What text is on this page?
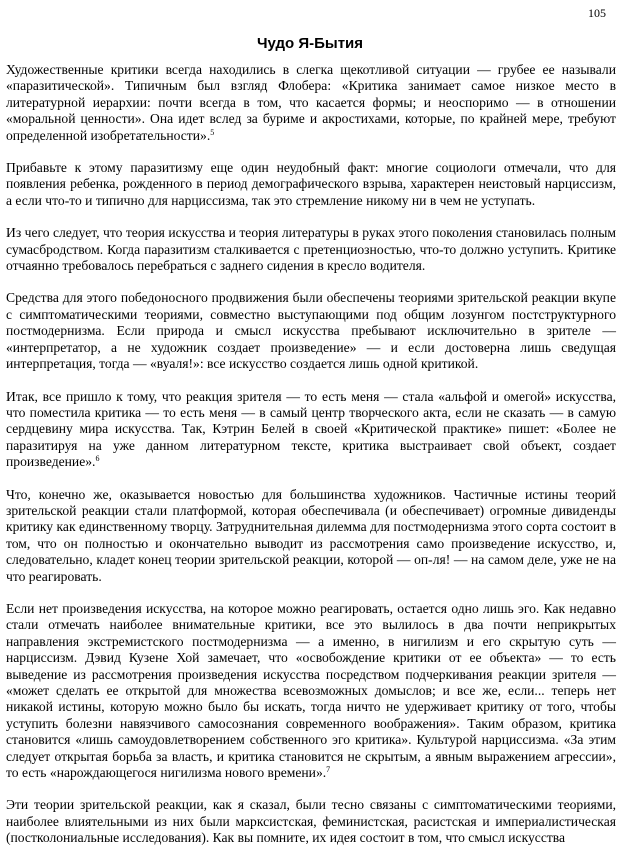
105
Чудо Я-Бытия

Художественные критики всегда находились в слегка щекотливой ситуации — грубее ее называли «паразитической». Типичным был взгляд Флобера: «Критика занимает самое низкое место в литературной иерархии: почти всегда в том, что касается формы; и неоспоримо — в отношении «моральной ценности». Она идет вслед за буриме и акростихами, которые, по крайней мере, требуют определенной изобретательности».$^5$

Прибавьте к этому паразитизму еще один неудобный факт: многие социологи отмечали, что для появления ребенка, рожденного в период демографического взрыва, характерен неистовый нарциссизм, а если что-то и типично для нарциссизма, так это стремление никому ни в чем не уступать.

Из чего следует, что теория искусства и теория литературы в руках этого поколения становилась полным сумасбродством. Когда паразитизм сталкивается с претенциозностью, что-то должно уступить. Критике отчаянно требовалось перебраться с заднего сидения в кресло водителя.

Средства для этого победоносного продвижения были обеспечены теориями зрительской реакции вкупе с симптоматическими теориями, совместно выступающими под общим лозунгом постструктурного постмодернизма. Если природа и смысл искусства пребывают исключительно в зрителе — «интерпретатор, а не художник создает произведение» — и если достоверна лишь сведущая интерпретация, тогда — «вуаля!»: все искусство создается лишь одной критикой.

Итак, все пришло к тому, что реакция зрителя — то есть меня — стала «альфой и омегой» искусства, что поместила критика — то есть меня — в самый центр творческого акта, если не сказать — в самую сердцевину мира искусства. Так, Кэтрин Белей в своей «Критической практике» пишет: «Более не паразитируя на уже данном литературном тексте, критика выстраивает свой объект, создает произведение».$^6$

Что, конечно же, оказывается новостью для большинства художников. Частичные истины теорий зрительской реакции стали платформой, которая обеспечивала (и обеспечивает) огромные дивиденды критику как единственному творцу. Затруднительная дилемма для постмодернизма этого сорта состоит в том, что он полностью и окончательно выводит из рассмотрения само произведение искусство, и, следовательно, кладет конец теории зрительской реакции, которой — оп-ля! — на самом деле, уже не на что реагировать.

Если нет произведения искусства, на которое можно реагировать, остается одно лишь эго. Как недавно стали отмечать наиболее внимательные критики, все это вылилось в два почти неприкрытых направления экстремистского постмодернизма — а именно, в нигилизм и его скрытую суть — нарциссизм. Дэвид Кузене Хой замечает, что «освобождение критики от ее объекта» — то есть выведение из рассмотрения произведения искусства посредством подчеркивания реакции зрителя — «может сделать ее открытой для множества всевозможных домыслов; и все же, если... теперь нет никакой истины, которую можно было бы искать, тогда ничто не удерживает критику от того, чтобы уступить болезни навязчивого самосознания современного воображения». Таким образом, критика становится «лишь самоудовлетворением собственного эго критика». Культурой нарциссизма. «За этим следует открытая борьба за власть, и критика становится не скрытым, а явным выражением агрессии», то есть «нарождающегося нигилизма нового времени».$^7$

Эти теории зрительской реакции, как я сказал, были тесно связаны с симптоматическими теориями, наиболее влиятельными из них были марксистская, феминистская, расистская и империалистическая (постколониальные исследования). Как вы помните, их идея состоит в том, что смысл искусства
